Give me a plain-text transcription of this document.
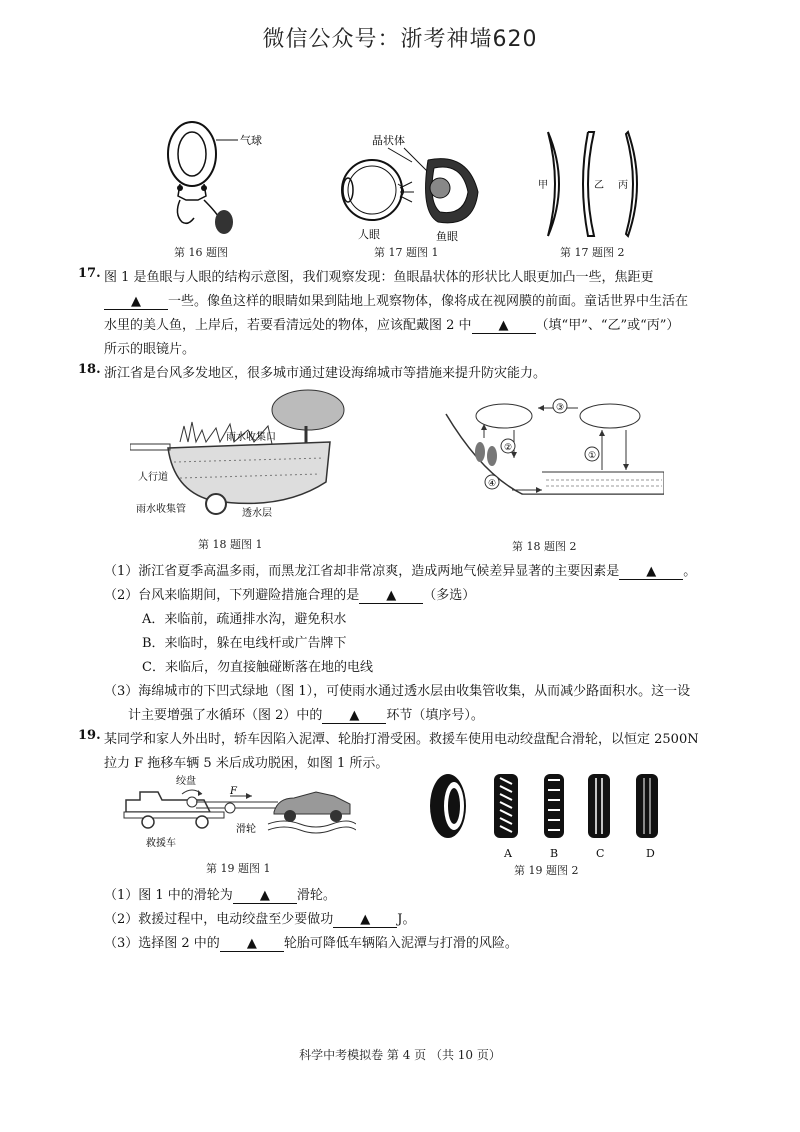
微信公众号：浙考神墙620
气球
第 16 题图
晶状体
人眼	鱼眼
第 17 题图 1
甲	乙 丙
第 17 题图 2
17. 图 1 是鱼眼与人眼的结构示意图，我们观察发现：鱼眼晶状体的形状比人眼更加凸一些，焦距更
▲ 一些。像鱼这样的眼睛如果到陆地上观察物体，像将成在视网膜的前面。童话世界中生活在
水里的美人鱼，上岸后，若要看清远处的物体，应该配戴图 2 中 ▲ （填“甲”、“乙”或“丙”）
所示的眼镜片。
18. 浙江省是台风多发地区，很多城市通过建设海绵城市等措施来提升防灾能力。
人行道
雨水收集口
雨水收集管	透水层
第 18 题图 1
③
②
①
④
第 18 题图 2
（1）浙江省夏季高温多雨，而黑龙江省却非常凉爽，造成两地气候差异显著的主要因素是 ▲ 。
（2）台风来临期间，下列避险措施合理的是 ▲ （多选）
A．来临前，疏通排水沟，避免积水
B．来临时，躲在电线杆或广告牌下
C．来临后，勿直接触碰断落在地的电线
（3）海绵城市的下凹式绿地（图 1），可使雨水通过透水层由收集管收集，从而减少路面积水。这一设
计主要增强了水循环（图 2）中的 ▲ 环节（填序号）。
19. 某同学和家人外出时，轿车因陷入泥潭、轮胎打滑受困。救援车使用电动绞盘配合滑轮，以恒定 2500N
拉力 F 拖移车辆 5 米后成功脱困，如图 1 所示。
绞盘
F
滑轮
救援车
第 19 题图 1
A	B	C	D
第 19 题图 2
（1）图 1 中的滑轮为 ▲ 滑轮。
（2）救援过程中，电动绞盘至少要做功 ▲ J。
（3）选择图 2 中的 ▲ 轮胎可降低车辆陷入泥潭与打滑的风险。
科学中考模拟卷 第 4 页 （共 10 页）
